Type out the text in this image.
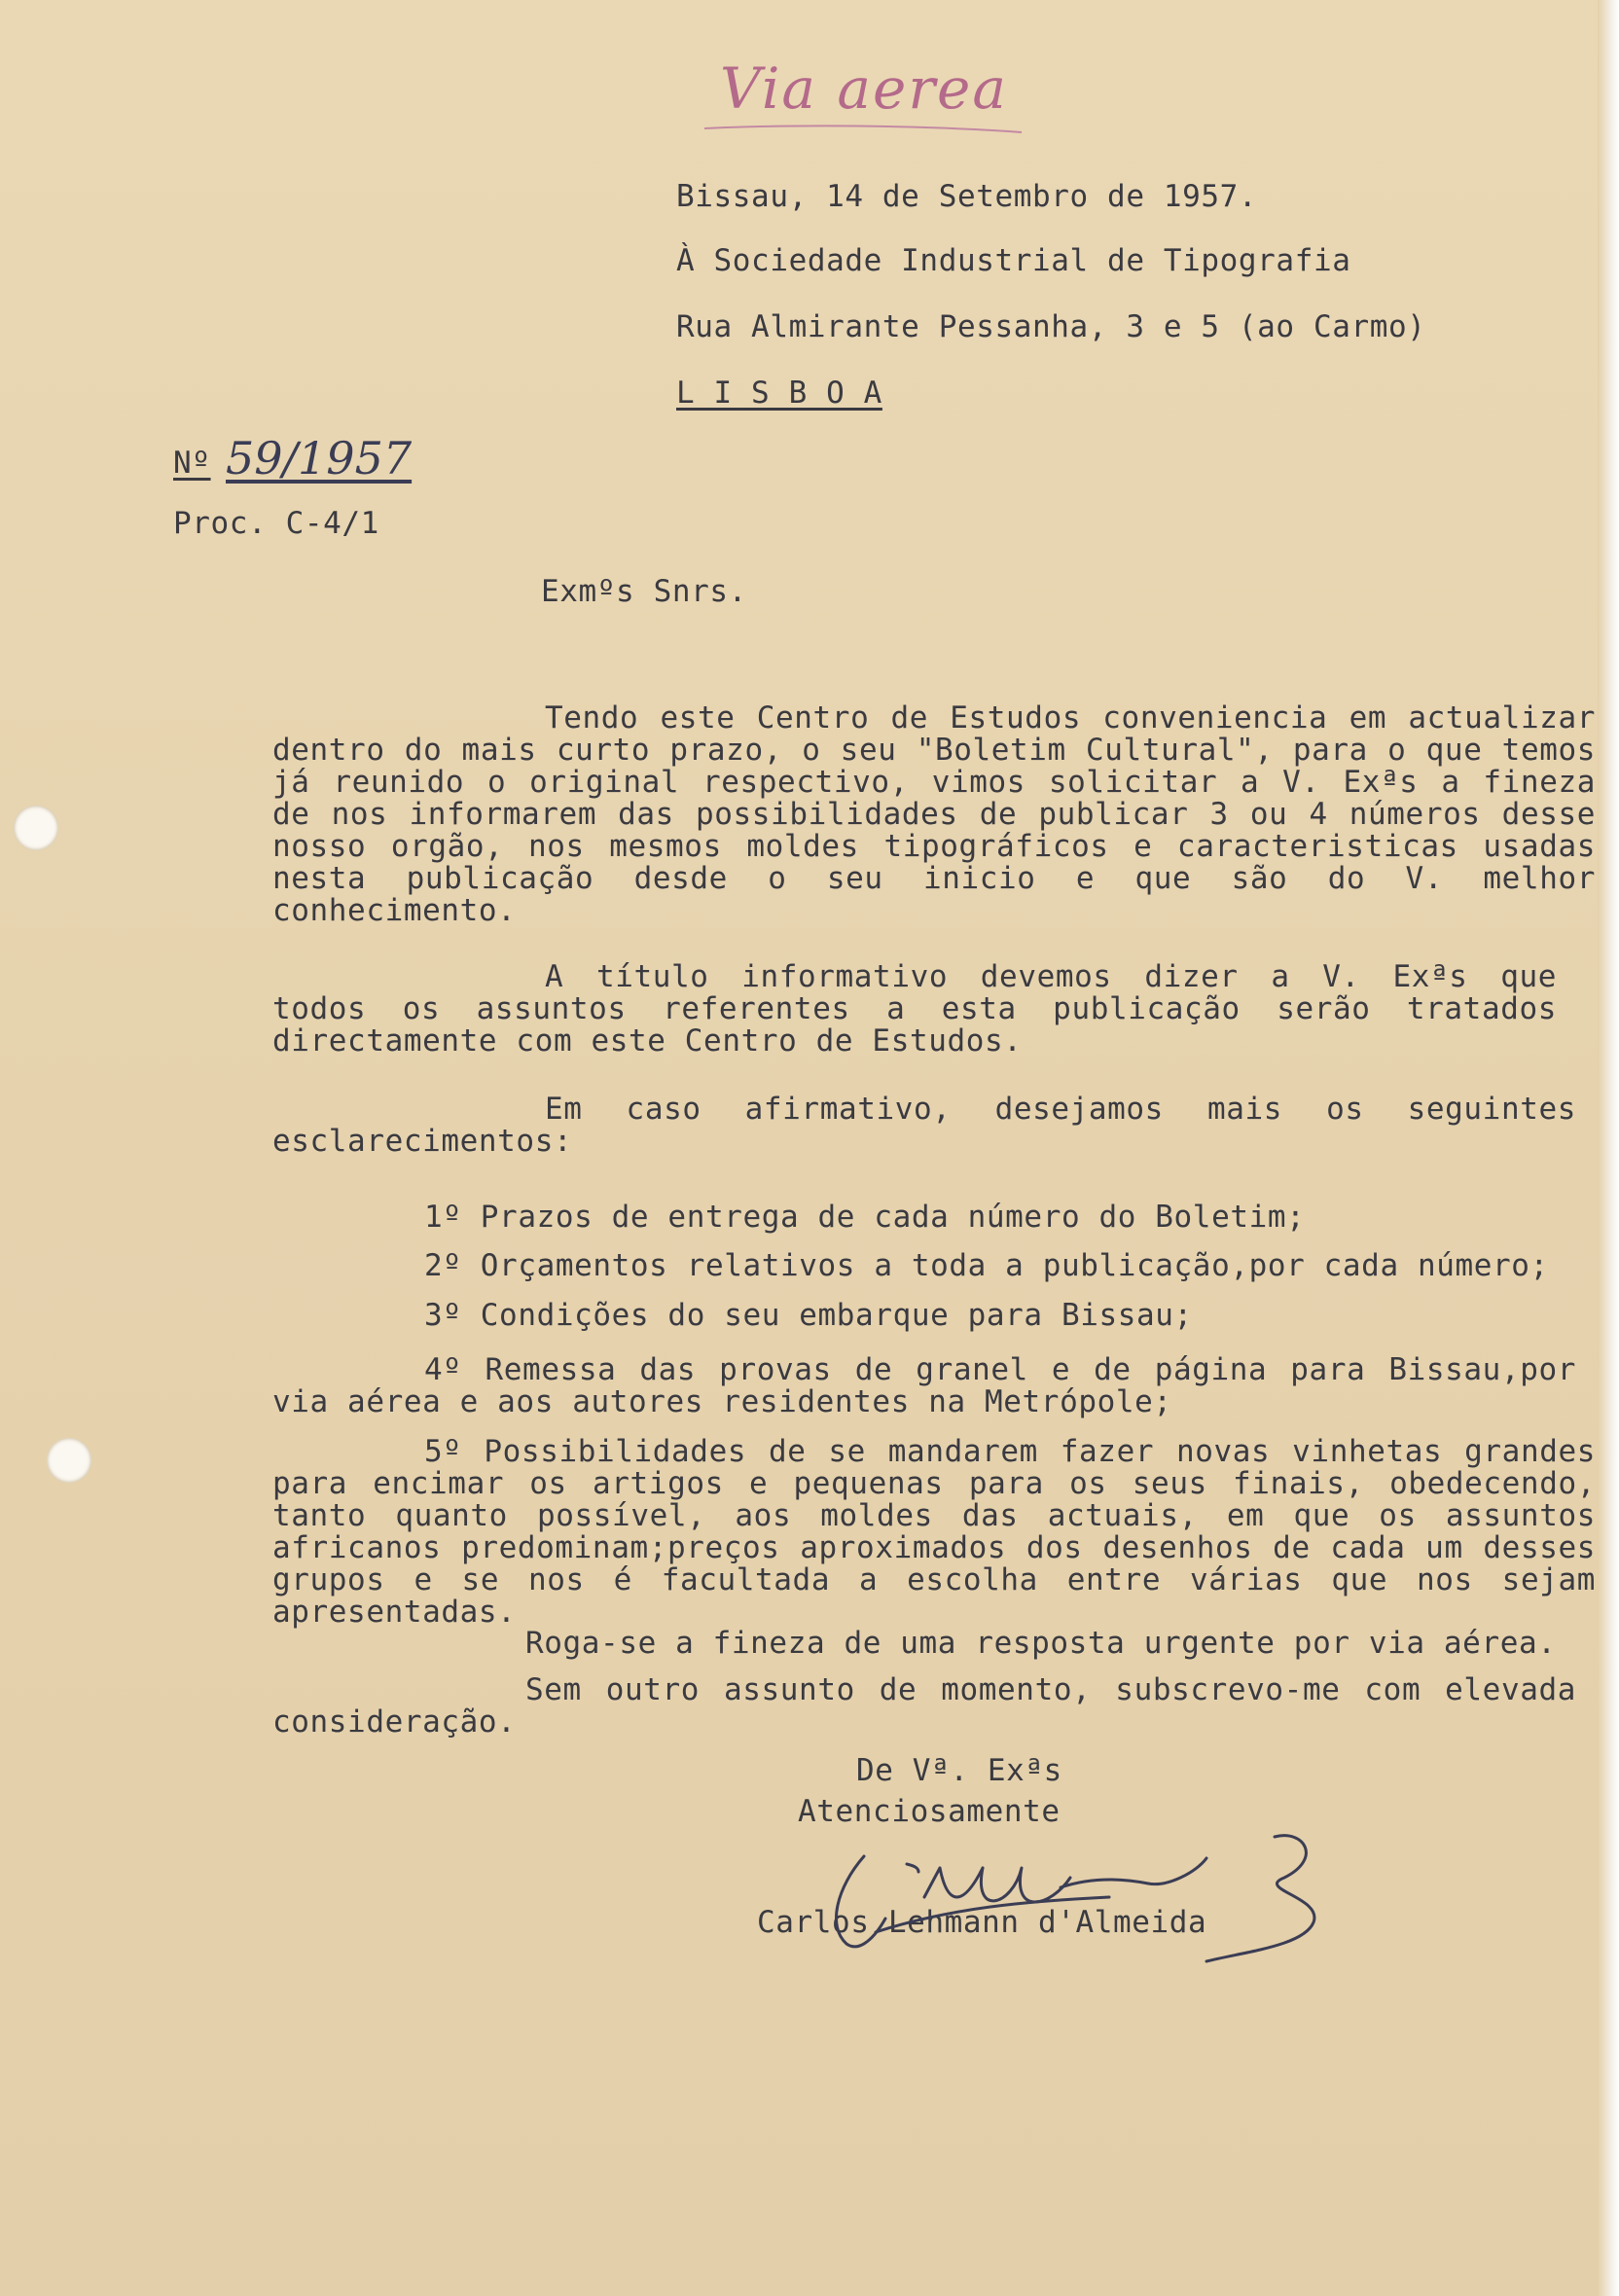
Via aerea

Bissau, 14 de Setembro de 1957.

À Sociedade Industrial de Tipografia

Rua Almirante Pessanha, 3 e 5 (ao Carmo)

L I S B O A

Nº 59/1957

Proc. C-4/1

Exmºs Snrs.

Tendo este Centro de Estudos conveniencia em actualizar dentro do mais curto prazo, o seu "Boletim Cultural", para o que temos já reunido o original respectivo, vimos solicitar a V. Exªs a fineza de nos informarem das possibilidades de publicar 3 ou 4 números desse nosso orgão, nos mesmos moldes tipográficos e caracteristicas usadas nesta publicação desde o seu inicio e que são do V. melhor conhecimento.

A título informativo devemos dizer a V. Exªs que todos os assuntos referentes a esta publicação serão tratados directamente com este Centro de Estudos.

Em caso afirmativo, desejamos mais os seguintes esclarecimentos:

1º Prazos de entrega de cada número do Boletim;

2º Orçamentos relativos a toda a publicação,por cada número;

3º Condições do seu embarque para Bissau;

4º Remessa das provas de granel e de página para Bissau,por via aérea e aos autores residentes na Metrópole;

5º Possibilidades de se mandarem fazer novas vinhetas grandes para encimar os artigos e pequenas para os seus finais, obedecendo, tanto quanto possível, aos moldes das actuais, em que os assuntos africanos predominam;preços aproximados dos desenhos de cada um desses grupos e se nos é facultada a escolha entre várias que nos sejam apresentadas.

Roga-se a fineza de uma resposta urgente por via aérea.

Sem outro assunto de momento, subscrevo-me com elevada consideração.

De Vª. Exªs

Atenciosamente

Carlos Lehmann d'Almeida
